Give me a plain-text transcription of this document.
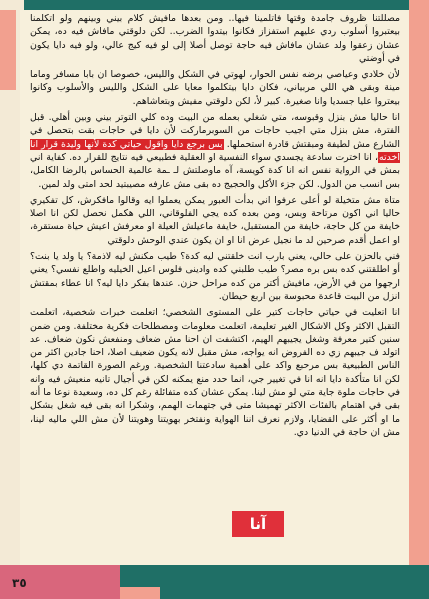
مصللتنا ظروف جامدة وقتها فاتلمينا فيها.. ومن بعدها مافيش كلام بيني وبينهم ولو اتكلمنا بيعتبروا أسلوب ردي عليهم استفزاز فكانوا بيتدوا الضرب.. لكن دلوقتي مافاش فيه ده، يمكن عشان زعقوا ولد عشان مافاش فيه حاجة توصل أصلا إلى لو فيه كيج عالي، ولو فيه دايا يكون في أوضتي

لأن خلادي وعياصي برضه نفس الحوار، لهوتي في الشكل والليس، خصوصا ان بابا مسافر وماما مينة وبقى هي اللي مربياني، فكان دايا بيتكلموا معايا على الشكل والليس والأسلوب وكانوا بيعتروا عليا جسديا وانا صغيرة. كبير لأ، لكن دلوقتي مفيش وبتعاشاهم.

انا حاليا مش بنزل وقبوسه، متي شغلي بعمله من البيت وده كلي التوتر بيني وبين أهلي. قبل الفترة، مش بنزل متي اجيب حاجات من السوبرماركت لأن دايا في حاجات بقت بتحصل في الشارع مش لطيفة ومبقتش قادرة استحملها. بس برجع دايا واقول حياتي كدة لأنها وليدة قرار انا اخدته، انا اخترت سادعة يجسدي سواء النفسية او العقلية فطبيعي فيه نتايج للقرار ده. كفاية اني بمش في الرواية نفس انه انا كدة كويسة، آه ماوصلتش لـ ـمة عالمية الحساس بالرضا الكامل، بس انسب من الدول. لكن جزء الأكل والحجيج ده بقى مش عارفه مصيبتيد لحد امتى ولد لمين.

متاة مش متخيلة لو أعلى عرفوا اني بدأت العبور يمكن يعملوا ايه وقالوا مافكرش، كل تفكيري حاليا اني اكون مرتاحة وبس، ومن بعده كده يجي الفلوقاني، اللي هكمل نحصل لكن انا اصلا خايفة من كل حاجة، خايفة من المستقبل، خايفة ماعيلش العيلة او معرفش اعيش حياة مستقرة، او اعمل أقدم صرحين لد ما نجيل عرض انا او ان يكون عندي الوحش دلوقتي

فني بالحزن على حالي، يعني بارب انت خلقتني ليه كدة؟ طيب مكنش ليه لاذمة؟ يا ولد يا بنت؟ أو اطلقتني كده بس بره مصر؟ طيب طلبني كده وادينى فلوس اعيل الخيليه واطلع نفسي؟ يعني ارجهوا من في الأرض، مافيش أكتر من كده مراحل حزن. عندها بفكر دايا ليه؟ انا عطاء بمقتش انزل من البيت قاعدة محبوسة بين اربع حيطان.

انا اتعليت في حياتي حاجات كتير على المستوى الشخصي؛ اتعلمت خبرات شخصية، اتعلمت التقبل الاكثر وكل الاشكال الغير تعليمة، اتعلمت معلومات ومصطلحات فكرية مختلفة. ومن ضمن سنين كتير معرفة وشغل يجيبهم الهيم، اكتشفت ان احنا مش ضعاف ومنفعش نكون ضعاف. عد اتولد ف جيبهم زي ده الفروض انه يواجه، مش مقبل لانه يكون ضعيف اصلا، احنا جادين اكثر من الناس الطبيعية بس مرحبع واكد على أهمية سادعتنا الشخصية. ورغم الصورة القاتمة دي كلها، لكن انا متأكدة دايا انه انا في تغيير جي، انما حدد منع يمكنه لكن في أجيال تانيه منعيش فيه وانه في حاجات ملوة جاية متي لو مش لينا. يمكن عشان كده متفائلة رغم كل ده، وسعيدة نوعا ما أنه بقى في اهتمام بالفئات الاكثر تهميشا متى في جتهمات الهمم، وشكرا انه بقى فيه شغل بشكل ما او أكثر على القضايا، ولازم نعرف اننا الهواية ونفتخر بهويتنا وهويتنا لأن مش اللي ماليه لينا، مش ان حاجة في الدنيا دي.

آنا
٣٥
